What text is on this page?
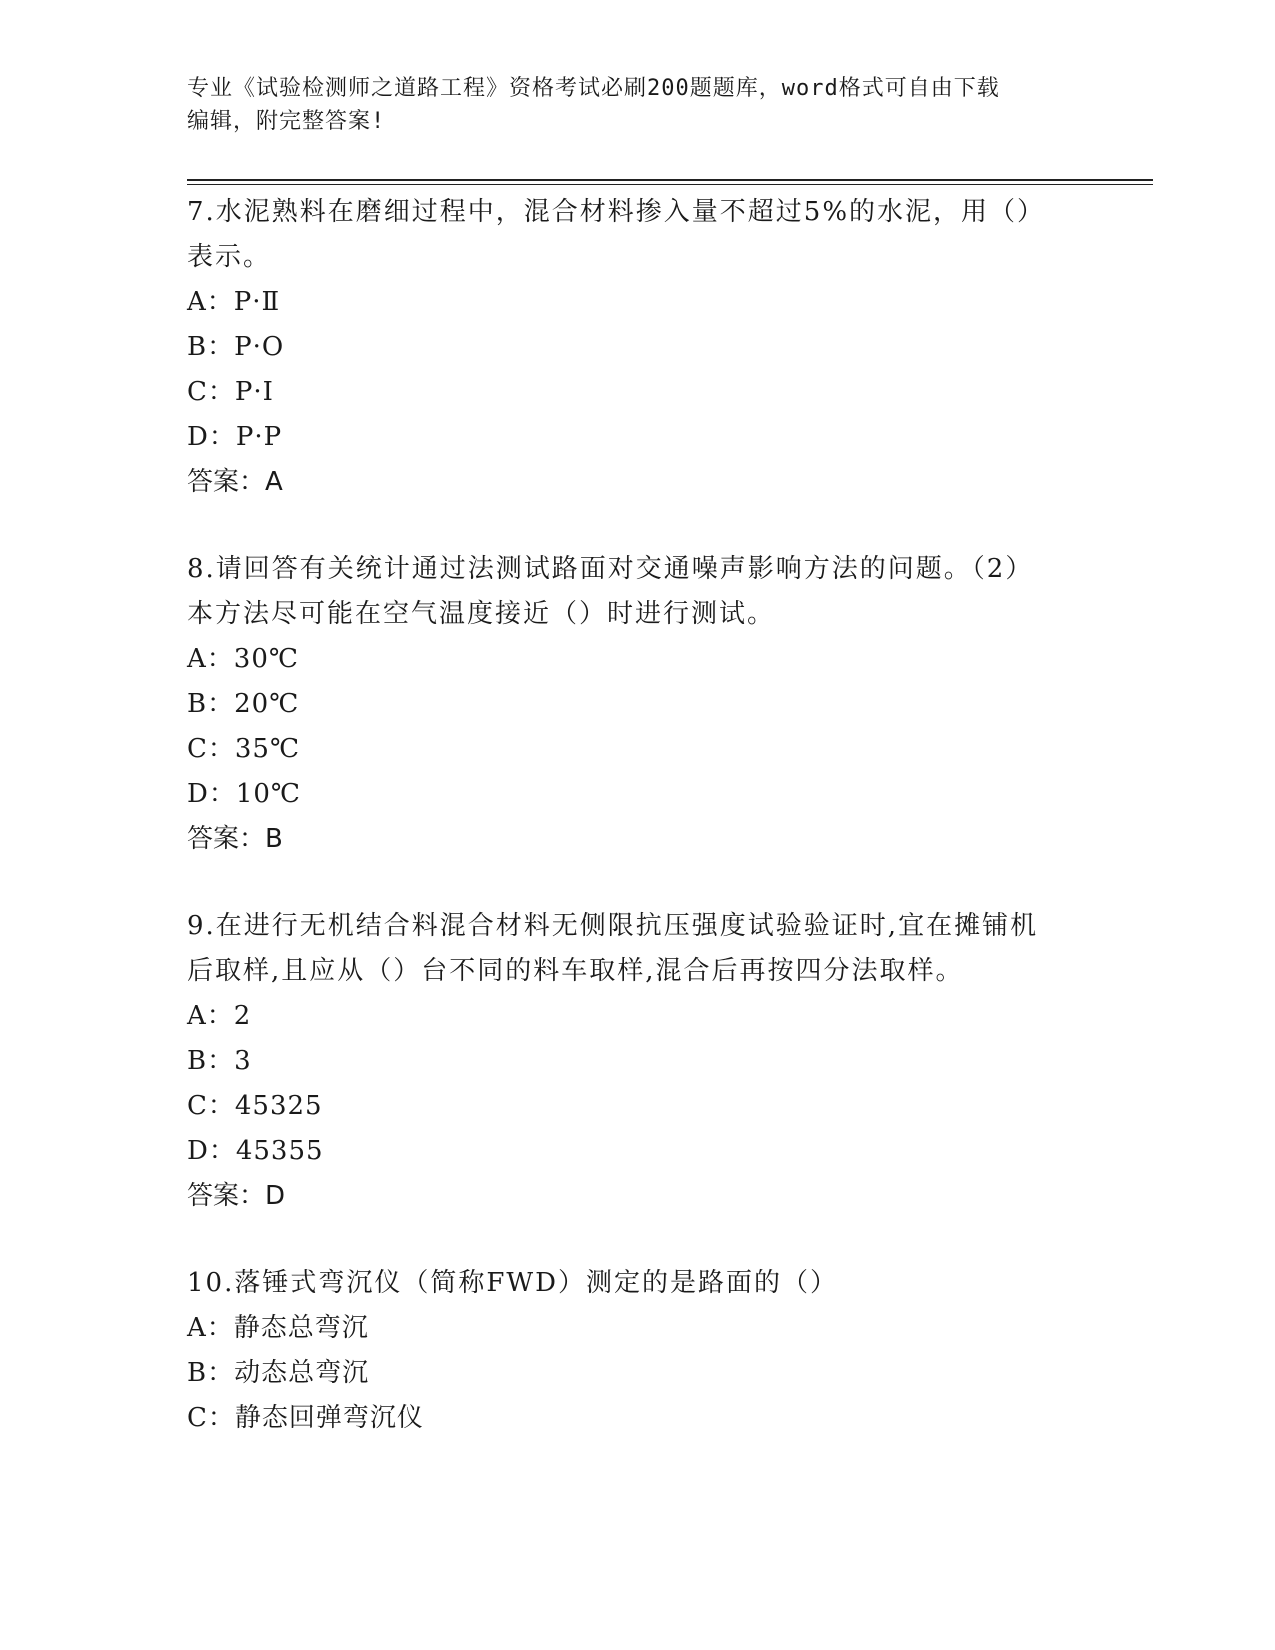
专业《试验检测师之道路工程》资格考试必刷200题题库，word格式可自由下载
编辑，附完整答案!

7.水泥熟料在磨细过程中，混合材料掺入量不超过5%的水泥，用（）

表示。

A：P·Ⅱ

B：P·O

C：P·Ⅰ

D：P·P

答案：A

8.请回答有关统计通过法测试路面对交通噪声影响方法的问题。（2）

本方法尽可能在空气温度接近（）时进行测试。

A：30℃

B：20℃

C：35℃

D：10℃

答案：B

9.在进行无机结合料混合材料无侧限抗压强度试验验证时,宜在摊铺机

后取样,且应从（）台不同的料车取样,混合后再按四分法取样。

A：2

B：3

C：45325

D：45355

答案：D

10.落锤式弯沉仪（简称FWD）测定的是路面的（）

A：静态总弯沉

B：动态总弯沉

C：静态回弹弯沉仪
